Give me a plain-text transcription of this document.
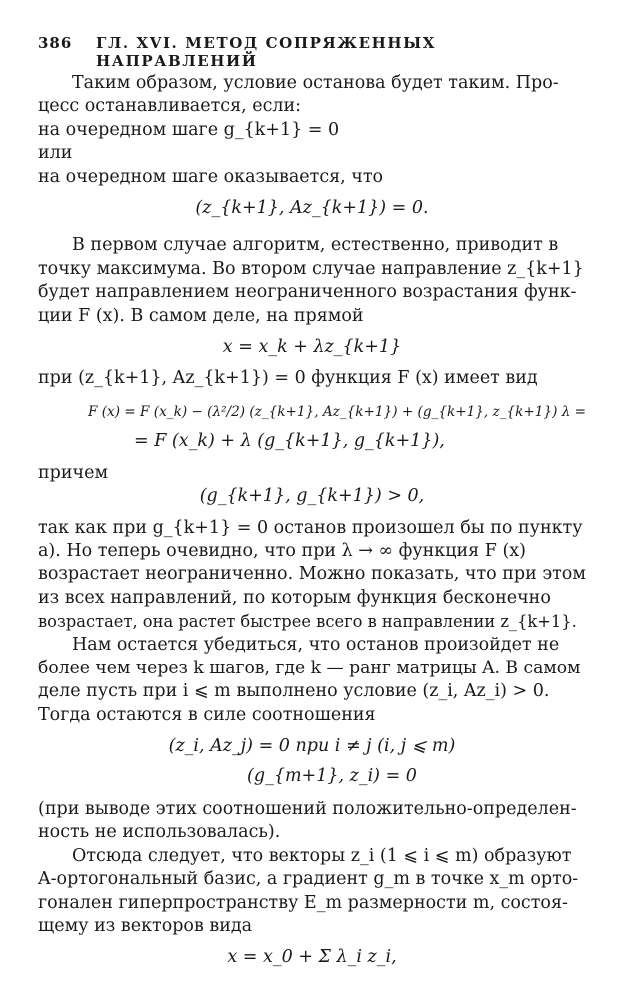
386 ГЛ. XVI. МЕТОД СОПРЯЖЕННЫХ НАПРАВЛЕНИЙ

Таким образом, условие останова будет таким. Про-

цесс останавливается, если:

на очередном шаге g_{k+1} = 0

или

на очередном шаге оказывается, что

(z_{k+1}, Az_{k+1}) = 0.

В первом случае алгоритм, естественно, приводит в

точку максимума. Во втором случае направление z_{k+1}

будет направлением неограниченного возрастания функ-

ции F (x). В самом деле, на прямой

x = x_k + λz_{k+1}

при (z_{k+1}, Az_{k+1}) = 0 функция F (x) имеет вид

F (x) = F (x_k) − (λ²/2) (z_{k+1}, Az_{k+1}) + (g_{k+1}, z_{k+1}) λ =

= F (x_k) + λ (g_{k+1}, g_{k+1}),

причем

(g_{k+1}, g_{k+1}) > 0,

так как при g_{k+1} = 0 останов произошел бы по пункту

а). Но теперь очевидно, что при λ → ∞ функция F (x)

возрастает неограниченно. Можно показать, что при этом

из всех направлений, по которым функция бесконечно

возрастает, она растет быстрее всего в направлении z_{k+1}.

Нам остается убедиться, что останов произойдет не

более чем через k шагов, где k — ранг матрицы A. В самом

деле пусть при i ⩽ m выполнено условие (z_i, Az_i) > 0.

Тогда остаются в силе соотношения

(z_i, Az_j) = 0 при i ≠ j (i, j ⩽ m)

(g_{m+1}, z_i) = 0

(при выводе этих соотношений положительно-определен-

ность не использовалась).

Отсюда следует, что векторы z_i (1 ⩽ i ⩽ m) образуют

A-ортогональный базис, а градиент g_m в точке x_m орто-

гонален гиперпространству E_m размерности m, состоя-

щему из векторов вида

x = x_0 + Σ λ_i z_i,
